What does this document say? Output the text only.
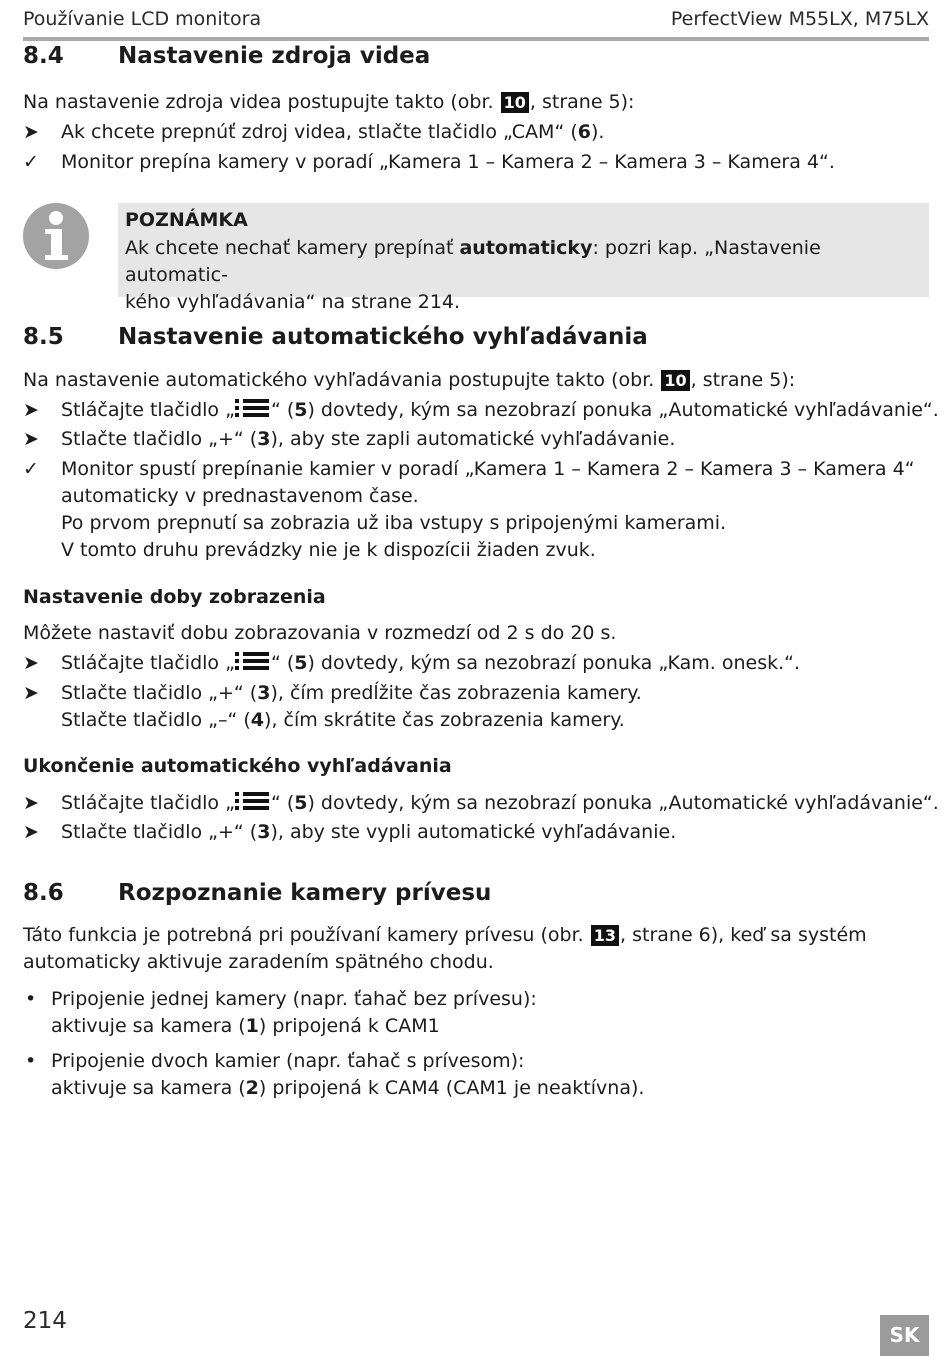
Používanie LCD monitora	PerfectView M55LX, M75LX
8.4 Nastavenie zdroja videa
Na nastavenie zdroja videa postupujte takto (obr. 10 , strane 5):
➤	Ak chcete prepnúť zdroj videa, stlačte tlačidlo „CAM“ (6).
✓	Monitor prepína kamery v poradí „Kamera 1 – Kamera 2 – Kamera 3 – Kamera 4“.
POZNÁMKA
Ak chcete nechať kamery prepínať automaticky: pozri kap. „Nastavenie automatic-
kého vyhľadávania“ na strane 214.
8.5 Nastavenie automatického vyhľadávania
Na nastavenie automatického vyhľadávania postupujte takto (obr. 10 , strane 5):
➤	Stláčajte tlačidlo „ “ (5) dovtedy, kým sa nezobrazí ponuka „Automatické vyhľadávanie“.
➤	Stlačte tlačidlo „+“ (3), aby ste zapli automatické vyhľadávanie.
✓	Monitor spustí prepínanie kamier v poradí „Kamera 1 – Kamera 2 – Kamera 3 – Kamera 4“
automaticky v prednastavenom čase.
Po prvom prepnutí sa zobrazia už iba vstupy s pripojenými kamerami.
V tomto druhu prevádzky nie je k dispozícii žiaden zvuk.
Nastavenie doby zobrazenia
Môžete nastaviť dobu zobrazovania v rozmedzí od 2 s do 20 s.
➤	Stláčajte tlačidlo „ “ (5) dovtedy, kým sa nezobrazí ponuka „Kam. onesk.“.
➤	Stlačte tlačidlo „+“ (3), čím predĺžite čas zobrazenia kamery.
Stlačte tlačidlo „–“ (4), čím skrátite čas zobrazenia kamery.
Ukončenie automatického vyhľadávania
➤	Stláčajte tlačidlo „ “ (5) dovtedy, kým sa nezobrazí ponuka „Automatické vyhľadávanie“.
➤	Stlačte tlačidlo „+“ (3), aby ste vypli automatické vyhľadávanie.
8.6 Rozpoznanie kamery prívesu
Táto funkcia je potrebná pri používaní kamery prívesu (obr. 13 , strane 6), keď sa systém
automaticky aktivuje zaradením spätného chodu.
• Pripojenie jednej kamery (napr. ťahač bez prívesu):
aktivuje sa kamera (1) pripojená k CAM1
• Pripojenie dvoch kamier (napr. ťahač s prívesom):
aktivuje sa kamera (2) pripojená k CAM4 (CAM1 je neaktívna).
214
SK
